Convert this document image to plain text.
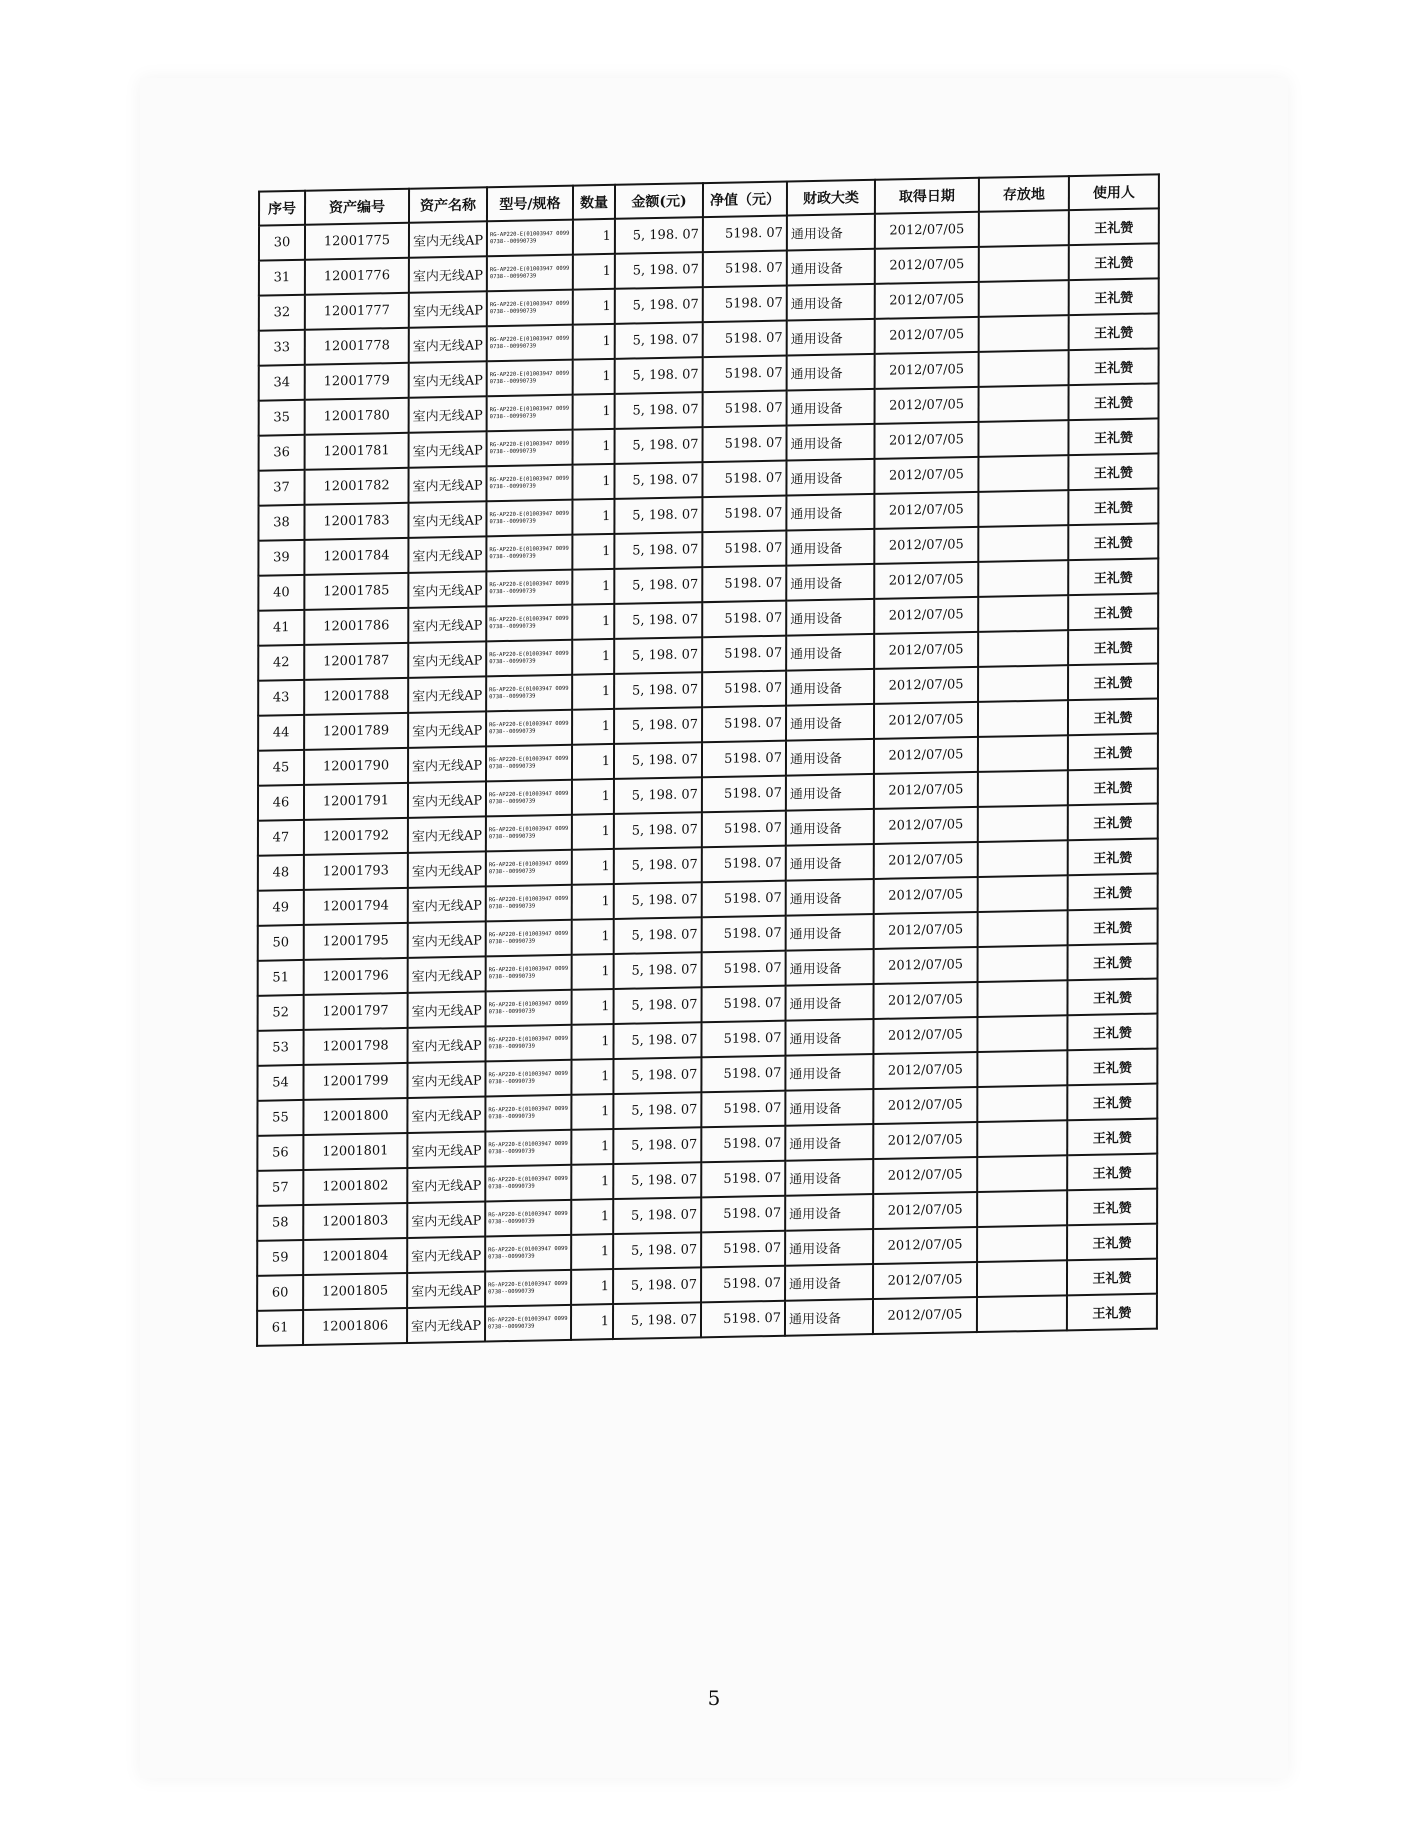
序号	资产编号	资产名称	型号/规格	数量	金额(元)	净值（元）	财政大类	取得日期	存放地	使用人
30	12001775	室内无线AP	RG-AP220-E(01003947 00990738--00990739	1	5, 198. 07	5198. 07	通用设备	2012/07/05		王礼赞
31	12001776	室内无线AP	RG-AP220-E(01003947 00990738--00990739	1	5, 198. 07	5198. 07	通用设备	2012/07/05		王礼赞
32	12001777	室内无线AP	RG-AP220-E(01003947 00990738--00990739	1	5, 198. 07	5198. 07	通用设备	2012/07/05		王礼赞
33	12001778	室内无线AP	RG-AP220-E(01003947 00990738--00990739	1	5, 198. 07	5198. 07	通用设备	2012/07/05		王礼赞
34	12001779	室内无线AP	RG-AP220-E(01003947 00990738--00990739	1	5, 198. 07	5198. 07	通用设备	2012/07/05		王礼赞
35	12001780	室内无线AP	RG-AP220-E(01003947 00990738--00990739	1	5, 198. 07	5198. 07	通用设备	2012/07/05		王礼赞
36	12001781	室内无线AP	RG-AP220-E(01003947 00990738--00990739	1	5, 198. 07	5198. 07	通用设备	2012/07/05		王礼赞
37	12001782	室内无线AP	RG-AP220-E(01003947 00990738--00990739	1	5, 198. 07	5198. 07	通用设备	2012/07/05		王礼赞
38	12001783	室内无线AP	RG-AP220-E(01003947 00990738--00990739	1	5, 198. 07	5198. 07	通用设备	2012/07/05		王礼赞
39	12001784	室内无线AP	RG-AP220-E(01003947 00990738--00990739	1	5, 198. 07	5198. 07	通用设备	2012/07/05		王礼赞
40	12001785	室内无线AP	RG-AP220-E(01003947 00990738--00990739	1	5, 198. 07	5198. 07	通用设备	2012/07/05		王礼赞
41	12001786	室内无线AP	RG-AP220-E(01003947 00990738--00990739	1	5, 198. 07	5198. 07	通用设备	2012/07/05		王礼赞
42	12001787	室内无线AP	RG-AP220-E(01003947 00990738--00990739	1	5, 198. 07	5198. 07	通用设备	2012/07/05		王礼赞
43	12001788	室内无线AP	RG-AP220-E(01003947 00990738--00990739	1	5, 198. 07	5198. 07	通用设备	2012/07/05		王礼赞
44	12001789	室内无线AP	RG-AP220-E(01003947 00990738--00990739	1	5, 198. 07	5198. 07	通用设备	2012/07/05		王礼赞
45	12001790	室内无线AP	RG-AP220-E(01003947 00990738--00990739	1	5, 198. 07	5198. 07	通用设备	2012/07/05		王礼赞
46	12001791	室内无线AP	RG-AP220-E(01003947 00990738--00990739	1	5, 198. 07	5198. 07	通用设备	2012/07/05		王礼赞
47	12001792	室内无线AP	RG-AP220-E(01003947 00990738--00990739	1	5, 198. 07	5198. 07	通用设备	2012/07/05		王礼赞
48	12001793	室内无线AP	RG-AP220-E(01003947 00990738--00990739	1	5, 198. 07	5198. 07	通用设备	2012/07/05		王礼赞
49	12001794	室内无线AP	RG-AP220-E(01003947 00990738--00990739	1	5, 198. 07	5198. 07	通用设备	2012/07/05		王礼赞
50	12001795	室内无线AP	RG-AP220-E(01003947 00990738--00990739	1	5, 198. 07	5198. 07	通用设备	2012/07/05		王礼赞
51	12001796	室内无线AP	RG-AP220-E(01003947 00990738--00990739	1	5, 198. 07	5198. 07	通用设备	2012/07/05		王礼赞
52	12001797	室内无线AP	RG-AP220-E(01003947 00990738--00990739	1	5, 198. 07	5198. 07	通用设备	2012/07/05		王礼赞
53	12001798	室内无线AP	RG-AP220-E(01003947 00990738--00990739	1	5, 198. 07	5198. 07	通用设备	2012/07/05		王礼赞
54	12001799	室内无线AP	RG-AP220-E(01003947 00990738--00990739	1	5, 198. 07	5198. 07	通用设备	2012/07/05		王礼赞
55	12001800	室内无线AP	RG-AP220-E(01003947 00990738--00990739	1	5, 198. 07	5198. 07	通用设备	2012/07/05		王礼赞
56	12001801	室内无线AP	RG-AP220-E(01003947 00990738--00990739	1	5, 198. 07	5198. 07	通用设备	2012/07/05		王礼赞
57	12001802	室内无线AP	RG-AP220-E(01003947 00990738--00990739	1	5, 198. 07	5198. 07	通用设备	2012/07/05		王礼赞
58	12001803	室内无线AP	RG-AP220-E(01003947 00990738--00990739	1	5, 198. 07	5198. 07	通用设备	2012/07/05		王礼赞
59	12001804	室内无线AP	RG-AP220-E(01003947 00990738--00990739	1	5, 198. 07	5198. 07	通用设备	2012/07/05		王礼赞
60	12001805	室内无线AP	RG-AP220-E(01003947 00990738--00990739	1	5, 198. 07	5198. 07	通用设备	2012/07/05		王礼赞
61	12001806	室内无线AP	RG-AP220-E(01003947 00990738--00990739	1	5, 198. 07	5198. 07	通用设备	2012/07/05		王礼赞
5
